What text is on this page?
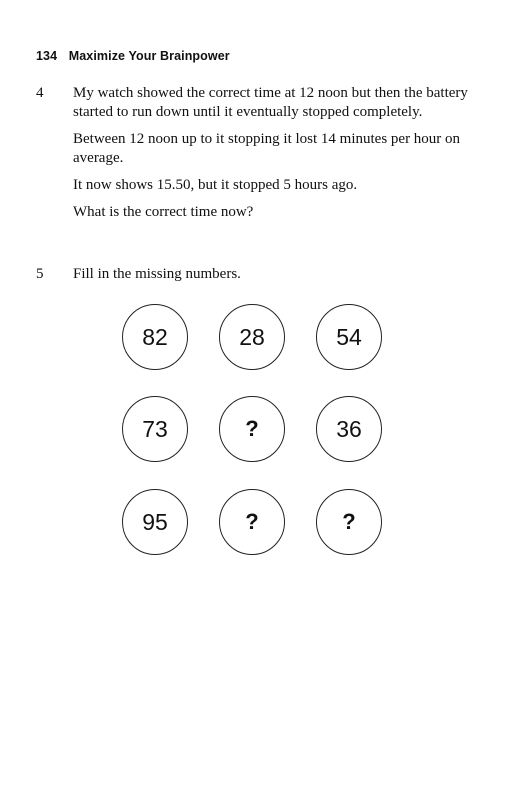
134 Maximize Your Brainpower
4 My watch showed the correct time at 12 noon but then the battery started to run down until it eventually stopped completely.

Between 12 noon up to it stopping it lost 14 minutes per hour on average.

It now shows 15.50, but it stopped 5 hours ago.

What is the correct time now?

5 Fill in the missing numbers.

82	28	54
73	?	36
95	?	?
